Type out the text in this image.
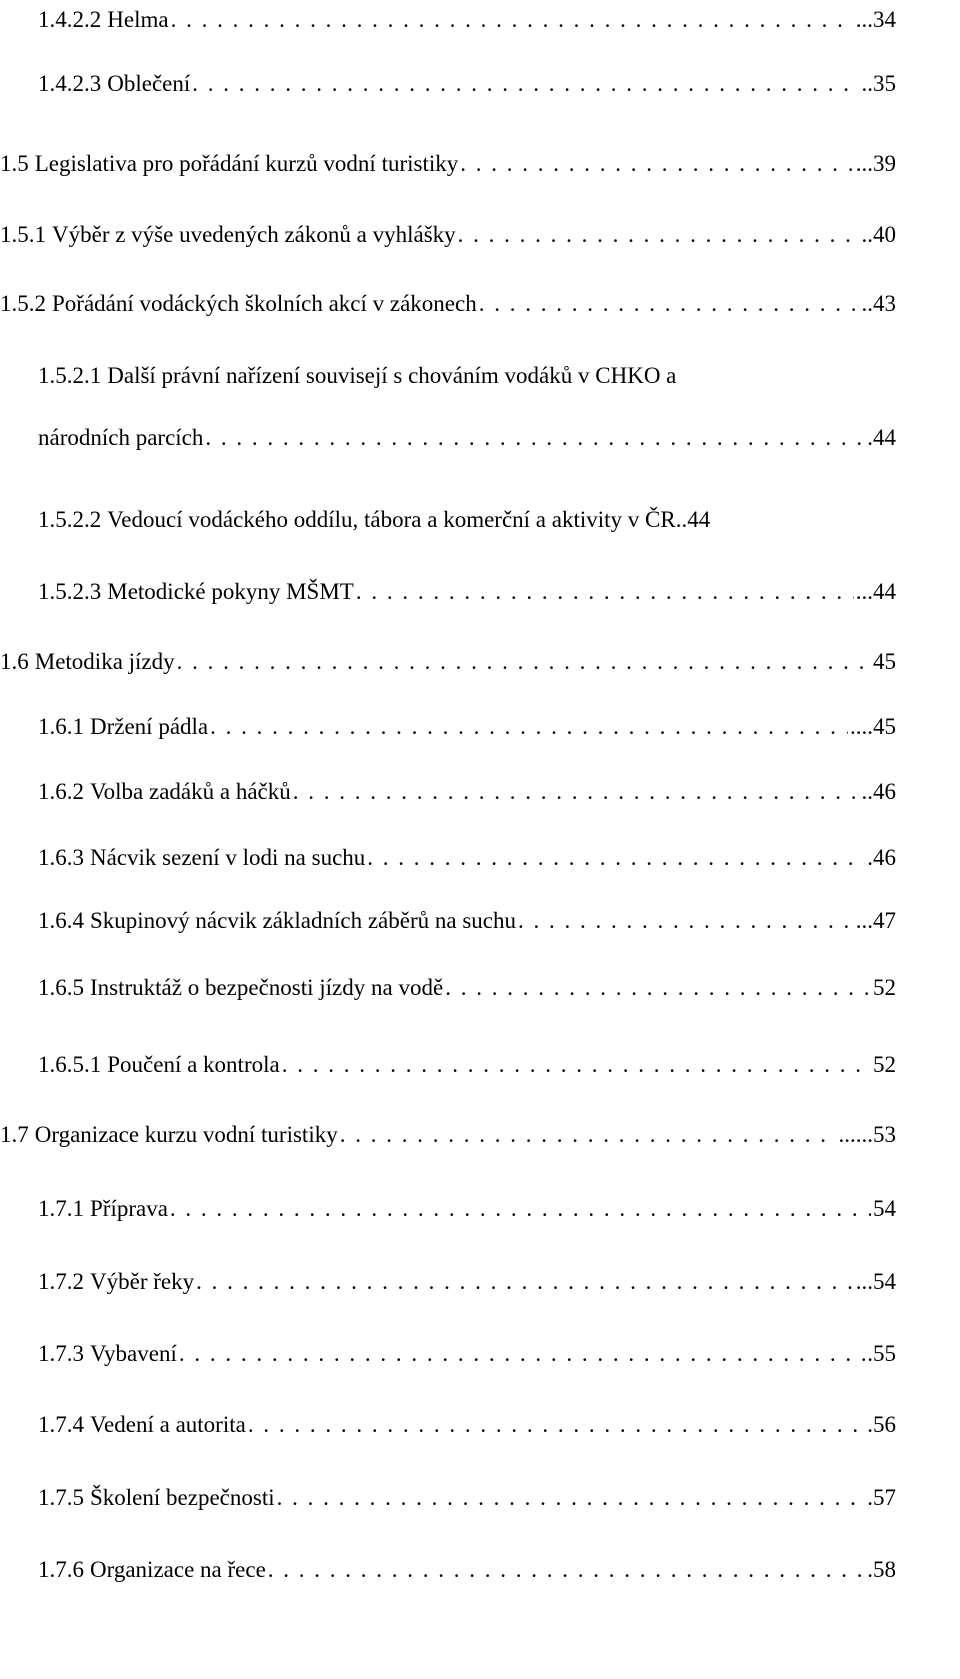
1.4.2.2 Helma . . .	...34
1.4.2.3 Oblečení . . .	..35
1.5 Legislativa pro pořádání kurzů vodní turistiky . . .	...39
1.5.1 Výběr z výše uvedených zákonů a vyhlášky . . .	..40
1.5.2 Pořádání vodáckých školních akcí v zákonech . . .	..43
1.5.2.1 Další právní nařízení souvisejí s chováním vodáků v CHKO a
národních parcích . . .	.44
1.5.2.2 Vedoucí vodáckého oddílu, tábora a komerční a aktivity v ČR ..44
1.5.2.3 Metodické pokyny MŠMT . . .	...44
1.6 Metodika jízdy . . .	45
1.6.1 Držení pádla . . .	....45
1.6.2 Volba zadáků a háčků . . .	..46
1.6.3 Nácvik sezení v lodi na suchu . . .	.46
1.6.4 Skupinový nácvik základních záběrů na suchu . . .	...47
1.6.5 Instruktáž o bezpečnosti jízdy na vodě . . .	52
1.6.5.1 Poučení a kontrola . . .	52
1.7 Organizace kurzu vodní turistiky . . .	......53
1.7.1 Příprava . . .	54
1.7.2 Výběr řeky . . .	...54
1.7.3 Vybavení . . .	.55
1.7.4 Vedení a autorita . . .	.56
1.7.5 Školení bezpečnosti . . .	.57
1.7.6 Organizace na řece . . .	.58
